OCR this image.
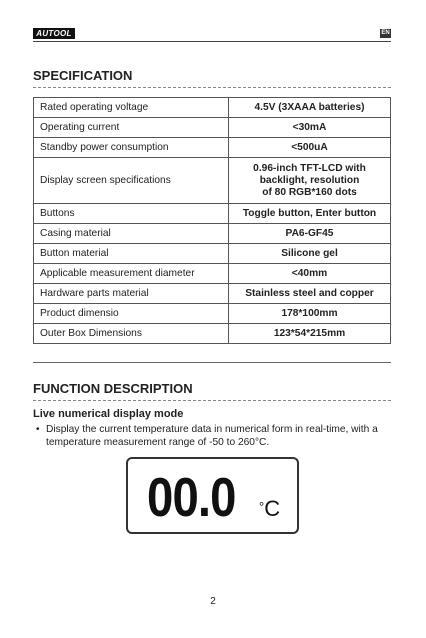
AUTOOL	EN
SPECIFICATION
Rated operating voltage	4.5V (3XAAA batteries)
Operating current	<30mA
Standby power consumption	<500uA
Display screen specifications	0.96-inch TFT-LCD with
backlight, resolution
of 80 RGB*160 dots
Buttons	Toggle button, Enter button
Casing material	PA6-GF45
Button material	Silicone gel
Applicable measurement diameter	<40mm
Hardware parts material	Stainless steel and copper
Product dimensio	178*100mm
Outer Box Dimensions	123*54*215mm
FUNCTION DESCRIPTION
Live numerical display mode
• Display the current temperature data in numerical form in real-time, with a temperature measurement range of -50 to 260°C.
00.0 °C
2
